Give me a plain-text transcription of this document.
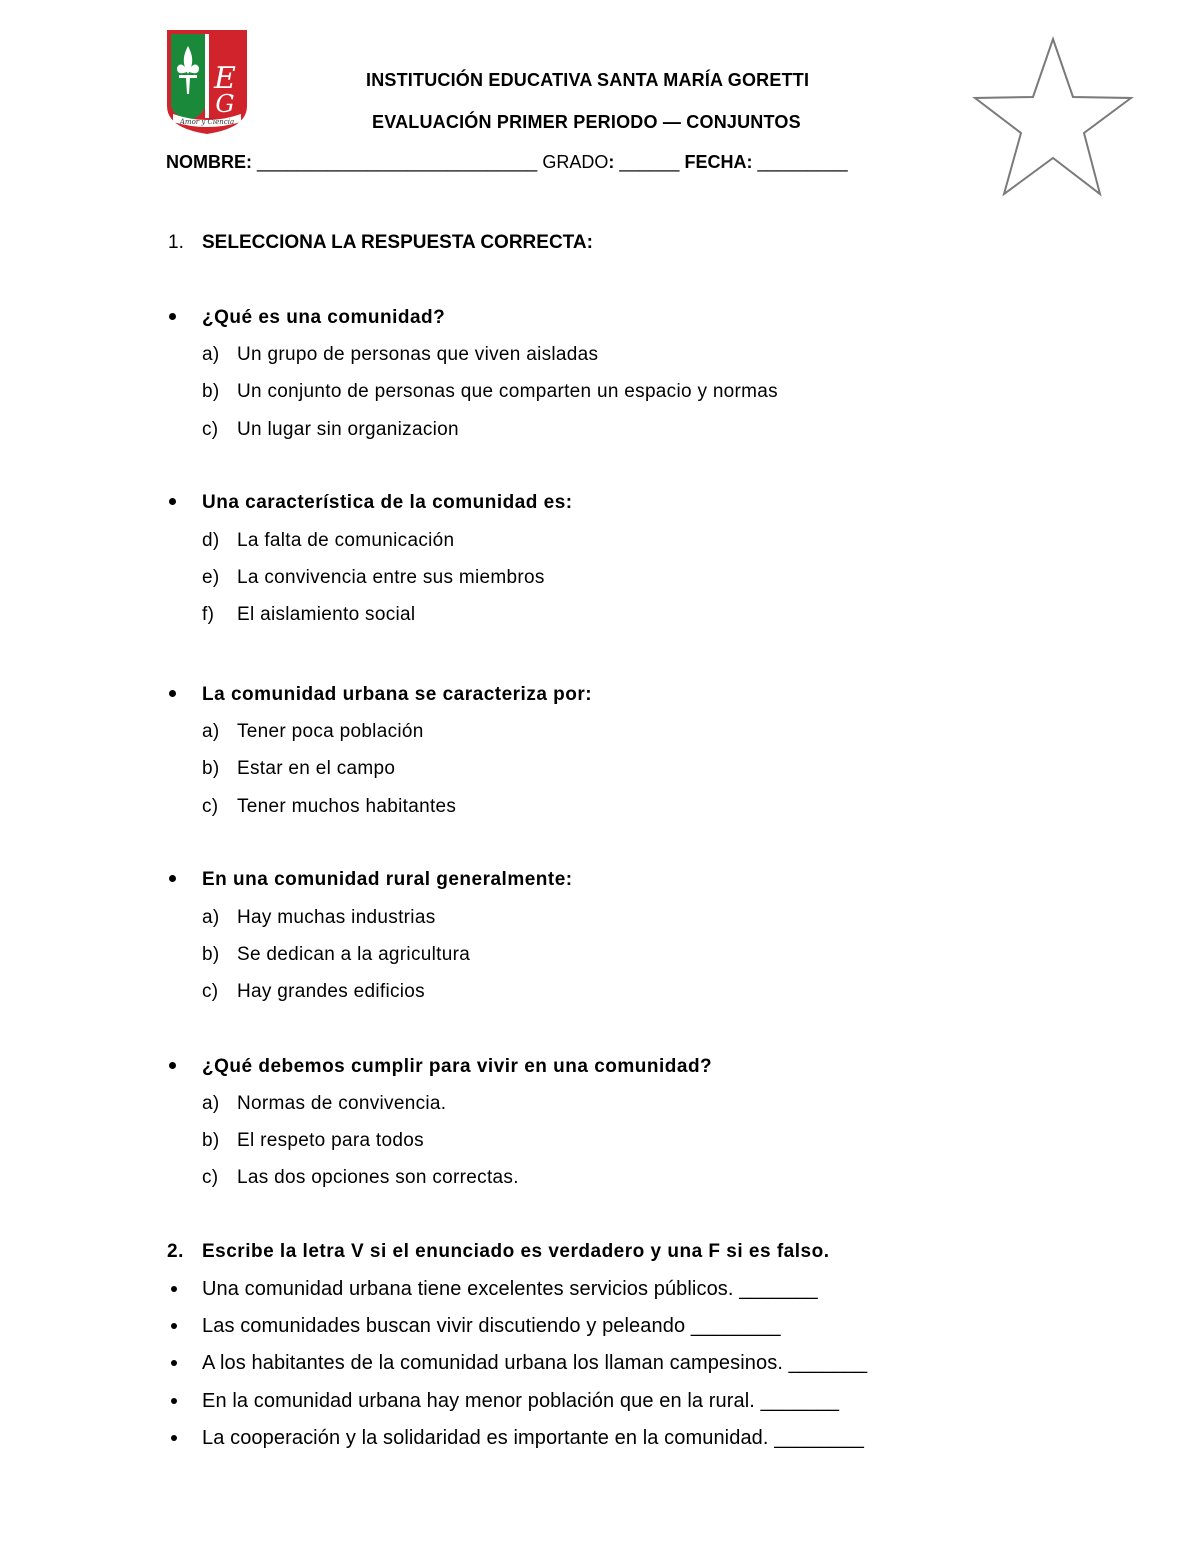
E
G
Amor y Ciencia
INSTITUCIÓN EDUCATIVA SANTA MARÍA GORETTI
EVALUACIÓN PRIMER PERIODO — CONJUNTOS
NOMBRE: ____________________________ GRADO: ______ FECHA: _________
1. SELECCIONA LA RESPUESTA CORRECTA:
¿Qué es una comunidad?
a) Un grupo de personas que viven aisladas
b) Un conjunto de personas que comparten un espacio y normas
c) Un lugar sin organizacion
Una característica de la comunidad es:
d) La falta de comunicación
e) La convivencia entre sus miembros
f) El aislamiento social
La comunidad urbana se caracteriza por:
a) Tener poca población
b) Estar en el campo
c) Tener muchos habitantes
En una comunidad rural generalmente:
a) Hay muchas industrias
b) Se dedican a la agricultura
c) Hay grandes edificios
¿Qué debemos cumplir para vivir en una comunidad?
a) Normas de convivencia.
b) El respeto para todos
c) Las dos opciones son correctas.
2. Escribe la letra V si el enunciado es verdadero y una F si es falso.
Una comunidad urbana tiene excelentes servicios públicos. _______
Las comunidades buscan vivir discutiendo y peleando ________
A los habitantes de la comunidad urbana los llaman campesinos. _______
En la comunidad urbana hay menor población que en la rural. _______
La cooperación y la solidaridad es importante en la comunidad. ________
